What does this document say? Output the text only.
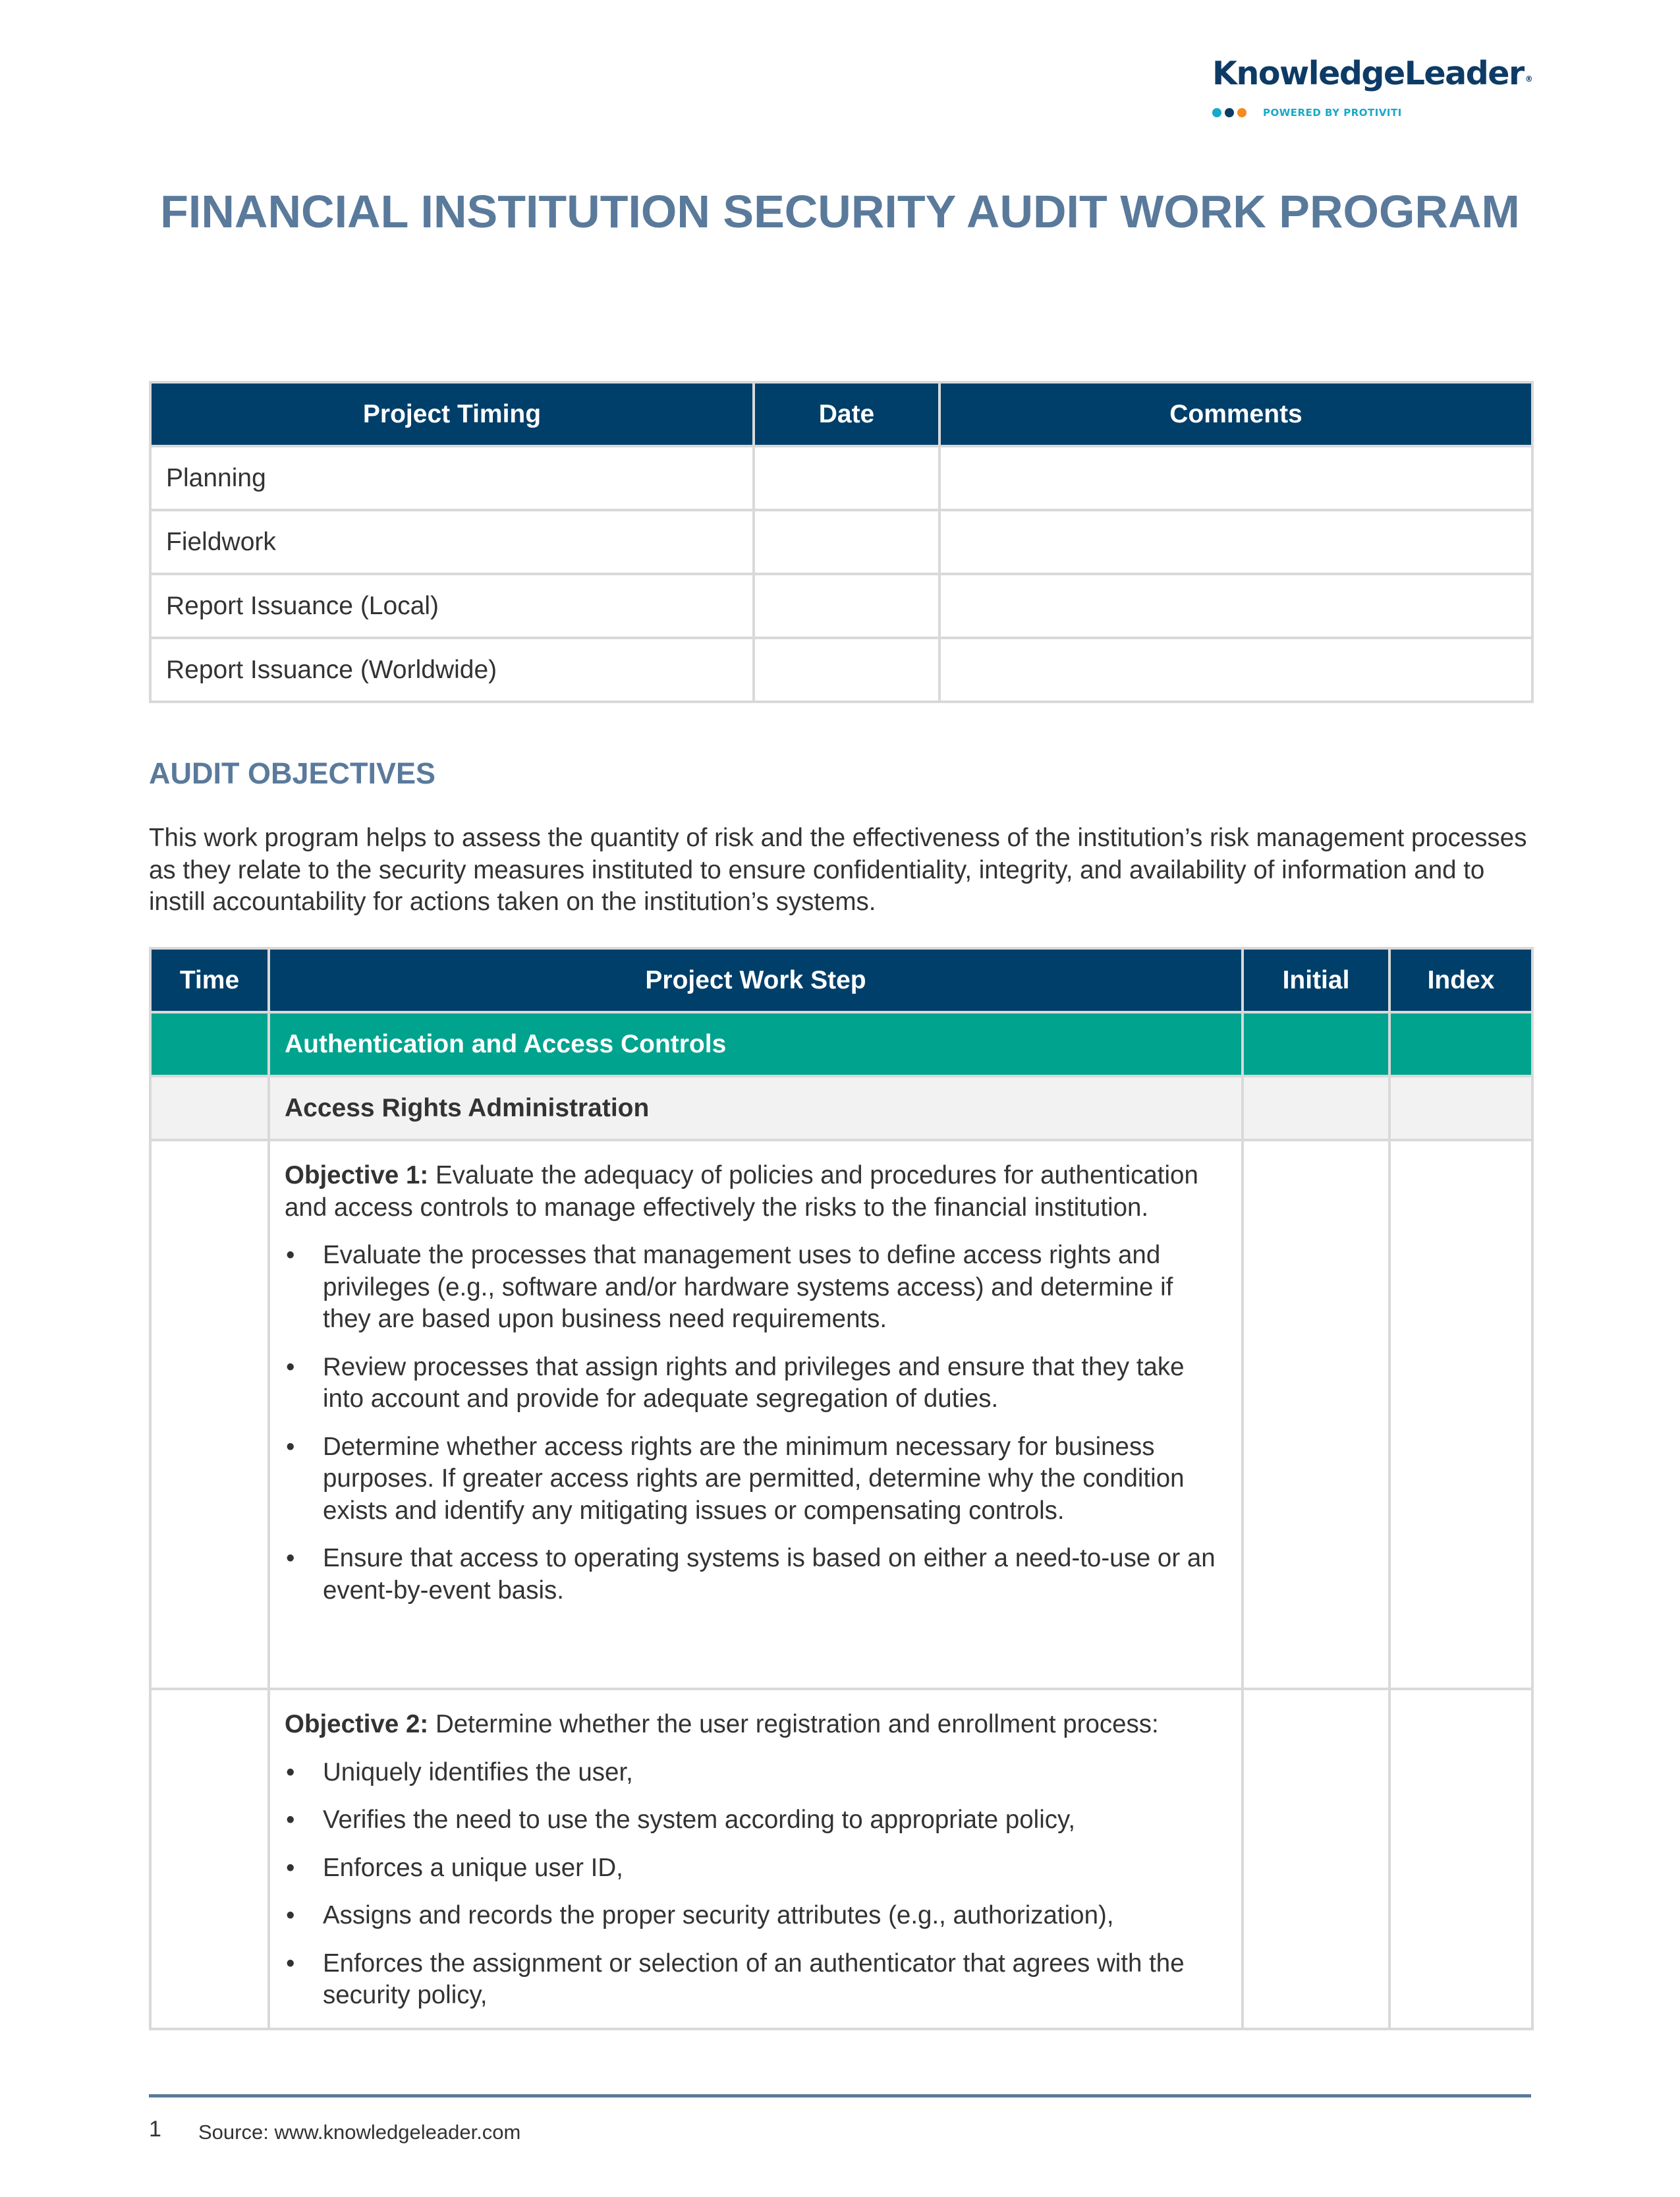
KnowledgeLeader ®
POWERED BY PROTIVITI
FINANCIAL INSTITUTION SECURITY AUDIT WORK PROGRAM
Project Timing	Date	Comments
Planning		
Fieldwork		
Report Issuance (Local)		
Report Issuance (Worldwide)		
AUDIT OBJECTIVES

This work program helps to assess the quantity of risk and the effectiveness of the institution’s risk management processes as they relate to the security measures instituted to ensure confidentiality, integrity, and availability of information and to instill accountability for actions taken on the institution’s systems.

Time	Project Work Step	Initial	Index
	Authentication and Access Controls		
	Access Rights Administration		

Objective 1: Evaluate the adequacy of policies and procedures for authentication and access controls to manage effectively the risks to the financial institution.

• Evaluate the processes that management uses to define access rights and privileges (e.g., software and/or hardware systems access) and determine if they are based upon business need requirements.
• Review processes that assign rights and privileges and ensure that they take into account and provide for adequate segregation of duties.
• Determine whether access rights are the minimum necessary for business purposes. If greater access rights are permitted, determine why the condition exists and identify any mitigating issues or compensating controls.
• Ensure that access to operating systems is based on either a need-to-use or an event-by-event basis.

Objective 2: Determine whether the user registration and enrollment process:

• Uniquely identifies the user,
• Verifies the need to use the system according to appropriate policy,
• Enforces a unique user ID,
• Assigns and records the proper security attributes (e.g., authorization),
• Enforces the assignment or selection of an authenticator that agrees with the security policy,

1 Source: www.knowledgeleader.com
